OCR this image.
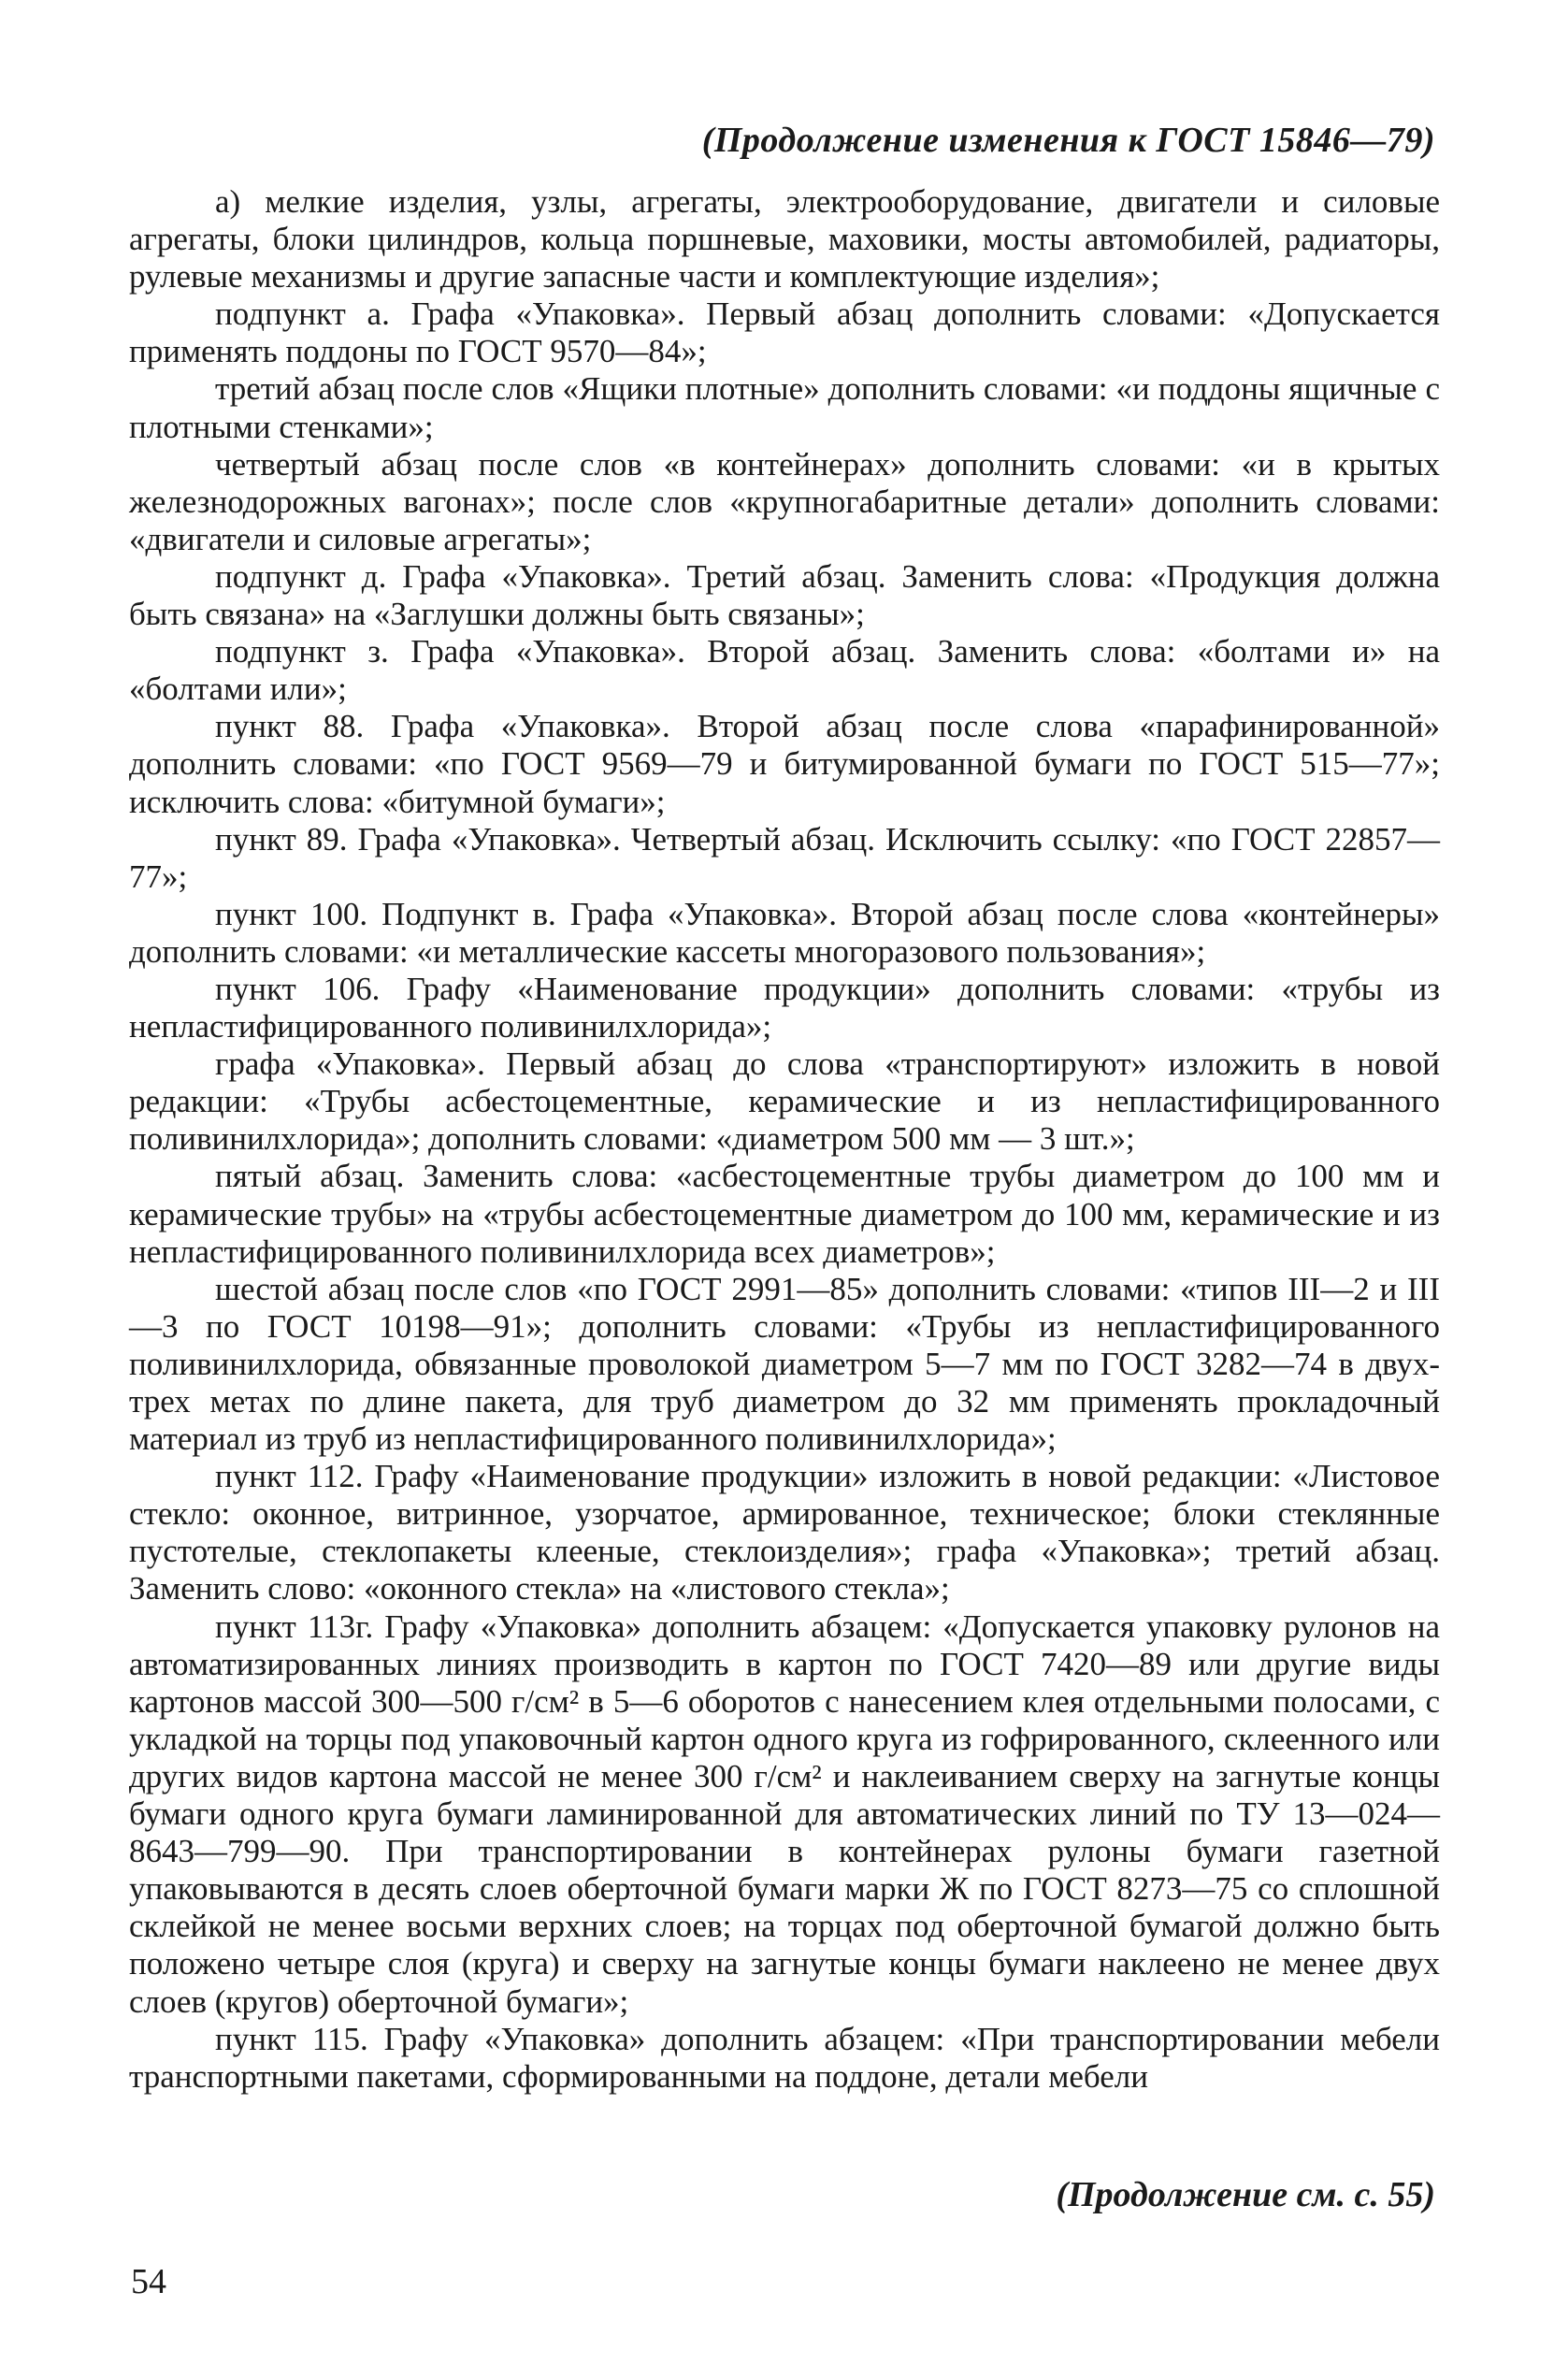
(Продолжение изменения к ГОСТ 15846—79)

а) мелкие изделия, узлы, агрегаты, электрооборудование, двигатели и силовые агрегаты, блоки цилиндров, кольца поршневые, маховики, мосты автомобилей, радиаторы, рулевые механизмы и другие запасные части и комплектующие изделия»;

подпункт а. Графа «Упаковка». Первый абзац дополнить словами: «Допускается применять поддоны по ГОСТ 9570—84»;

третий абзац после слов «Ящики плотные» дополнить словами: «и поддоны ящичные с плотными стенками»;

четвертый абзац после слов «в контейнерах» дополнить словами: «и в крытых железнодорожных вагонах»; после слов «крупногабаритные детали» дополнить словами: «двигатели и силовые агрегаты»;

подпункт д. Графа «Упаковка». Третий абзац. Заменить слова: «Продукция должна быть связана» на «Заглушки должны быть связаны»;

подпункт з. Графа «Упаковка». Второй абзац. Заменить слова: «болтами и» на «болтами или»;

пункт 88. Графа «Упаковка». Второй абзац после слова «парафинированной» дополнить словами: «по ГОСТ 9569—79 и битумированной бумаги по ГОСТ 515—77»; исключить слова: «битумной бумаги»;

пункт 89. Графа «Упаковка». Четвертый абзац. Исключить ссылку: «по ГОСТ 22857—77»;

пункт 100. Подпункт в. Графа «Упаковка». Второй абзац после слова «контейнеры» дополнить словами: «и металлические кассеты многоразового пользования»;

пункт 106. Графу «Наименование продукции» дополнить словами: «трубы из непластифицированного поливинилхлорида»;

графа «Упаковка». Первый абзац до слова «транспортируют» изложить в новой редакции: «Трубы асбестоцементные, керамические и из непластифицированного поливинилхлорида»; дополнить словами: «диаметром 500 мм — 3 шт.»;

пятый абзац. Заменить слова: «асбестоцементные трубы диаметром до 100 мм и керамические трубы» на «трубы асбестоцементные диаметром до 100 мм, керамические и из непластифицированного поливинилхлорида всех диаметров»;

шестой абзац после слов «по ГОСТ 2991—85» дополнить словами: «типов III—2 и III—3 по ГОСТ 10198—91»; дополнить словами: «Трубы из непластифицированного поливинилхлорида, обвязанные проволокой диаметром 5—7 мм по ГОСТ 3282—74 в двух-трех метах по длине пакета, для труб диаметром до 32 мм применять прокладочный материал из труб из непластифицированного поливинилхлорида»;

пункт 112. Графу «Наименование продукции» изложить в новой редакции: «Листовое стекло: оконное, витринное, узорчатое, армированное, техническое; блоки стеклянные пустотелые, стеклопакеты клееные, стеклоизделия»; графа «Упаковка»; третий абзац. Заменить слово: «оконного стекла» на «листового стекла»;

пункт 113г. Графу «Упаковка» дополнить абзацем: «Допускается упаковку рулонов на автоматизированных линиях производить в картон по ГОСТ 7420—89 или другие виды картонов массой 300—500 г/см² в 5—6 оборотов с нанесением клея отдельными полосами, с укладкой на торцы под упаковочный картон одного круга из гофрированного, склеенного или других видов картона массой не менее 300 г/см² и наклеиванием сверху на загнутые концы бумаги одного круга бумаги ламинированной для автоматических линий по ТУ 13—024—8643—799—90. При транспортировании в контейнерах рулоны бумаги газетной упаковываются в десять слоев оберточной бумаги марки Ж по ГОСТ 8273—75 со сплошной склейкой не менее восьми верхних слоев; на торцах под оберточной бумагой должно быть положено четыре слоя (круга) и сверху на загнутые концы бумаги наклеено не менее двух слоев (кругов) оберточной бумаги»;

пункт 115. Графу «Упаковка» дополнить абзацем: «При транспортировании мебели транспортными пакетами, сформированными на поддоне, детали мебели

(Продолжение см. с. 55)
54
